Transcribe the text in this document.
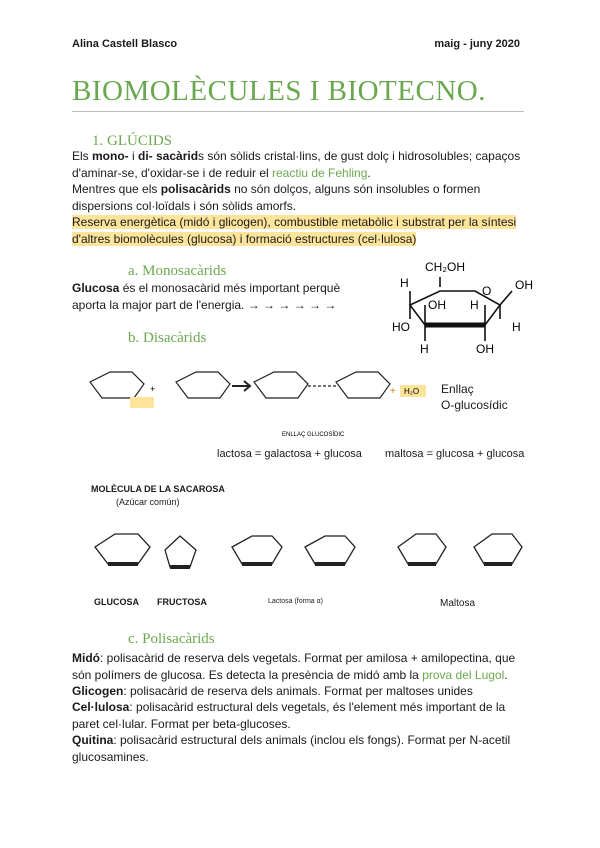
Alina Castell Blasco	maig - juny 2020
BIOMOLÈCULES I BIOTECNO.
1. GLÚCIDS
Els mono- i di- sacàrids són sòlids cristal·lins, de gust dolç i hidrosolubles; capaços d'aminar-se, d'oxidar-se i de reduir el reactiu de Fehling.
Mentres que els polisacàrids no són dolços, alguns són insolubles o formen dispersions col·loïdals i són sòlids amorfs.
Reserva energètica (midó i glicogen), combustible metabòlic i substrat per la síntesi d'altres biomolècules (glucosa) i formació estructures (cel·lulosa)
a. Monosacàrids
Glucosa és el monosacàrid més important perquè aporta la major part de l'energia. → → → → → →
CH₂OH
O
H	OH
OH H
HO	H
H	OH
b. Disacàrids
+	+ H₂O
ENLLAÇ GLUCOSÍDIC
Enllaç
O-glucosídic
lactosa = galactosa + glucosa maltosa = glucosa + glucosa
MOLÈCULA DE LA SACAROSA
(Azúcar común)
GLUCOSA FRUCTOSA	Lactosa (forma α)	Maltosa
c. Polisacàrids
Midó: polisacàrid de reserva dels vegetals. Format per amilosa + amilopectina, que són polímers de glucosa. Es detecta la presència de midó amb la prova del Lugol.
Glicogen: polisacàrid de reserva dels animals. Format per maltoses unides
Cel·lulosa: polisacàrid estructural dels vegetals, és l'element més important de la paret cel·lular. Format per beta-glucoses.
Quitina: polisacàrid estructural dels animals (inclou els fongs). Format per N-acetil glucosamines.
